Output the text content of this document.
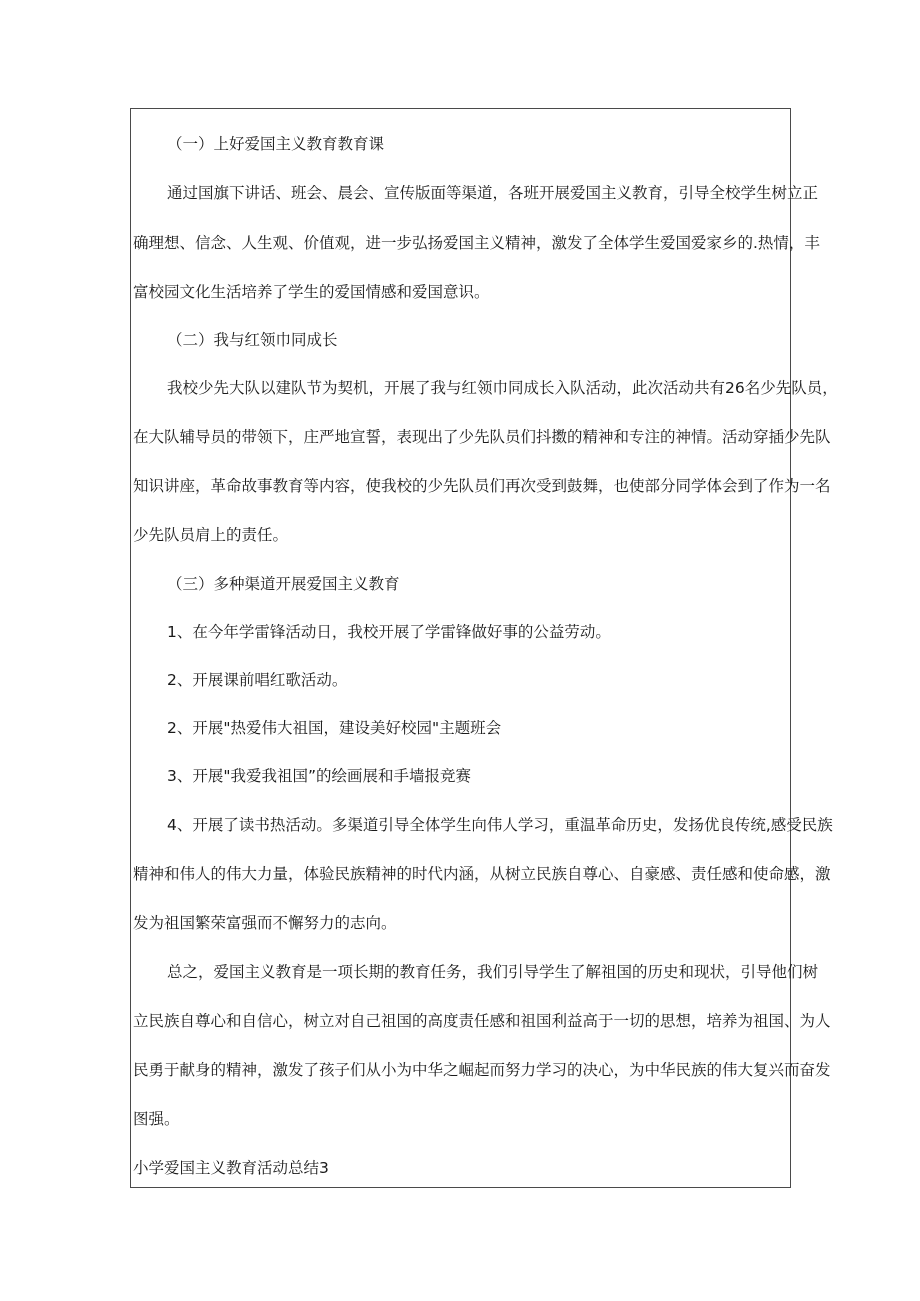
（一）上好爱国主义教育教育课
通过国旗下讲话、班会、晨会、宣传版面等渠道，各班开展爱国主义教育，引导全校学生树立正
确理想、信念、人生观、价值观，进一步弘扬爱国主义精神，激发了全体学生爱国爱家乡的.热情，丰
富校园文化生活培养了学生的爱国情感和爱国意识。
（二）我与红领巾同成长
我校少先大队以建队节为契机，开展了我与红领巾同成长入队活动，此次活动共有26名少先队员，
在大队辅导员的带领下，庄严地宣誓，表现出了少先队员们抖擞的精神和专注的神情。活动穿插少先队
知识讲座，革命故事教育等内容，使我校的少先队员们再次受到鼓舞，也使部分同学体会到了作为一名
少先队员肩上的责任。
（三）多种渠道开展爱国主义教育
1、在今年学雷锋活动日，我校开展了学雷锋做好事的公益劳动。
2、开展课前唱红歌活动。
2、开展"热爱伟大祖国，建设美好校园"主题班会
3、开展"我爱我祖国”的绘画展和手墙报竞赛
4、开展了读书热活动。多渠道引导全体学生向伟人学习，重温革命历史，发扬优良传统,感受民族
精神和伟人的伟大力量，体验民族精神的时代内涵，从树立民族自尊心、自豪感、责任感和使命感，激
发为祖国繁荣富强而不懈努力的志向。
总之，爱国主义教育是一项长期的教育任务，我们引导学生了解祖国的历史和现状，引导他们树
立民族自尊心和自信心，树立对自己祖国的高度责任感和祖国利益高于一切的思想，培养为祖国、为人
民勇于献身的精神，激发了孩子们从小为中华之崛起而努力学习的决心，为中华民族的伟大复兴而奋发
图强。
小学爱国主义教育活动总结3
